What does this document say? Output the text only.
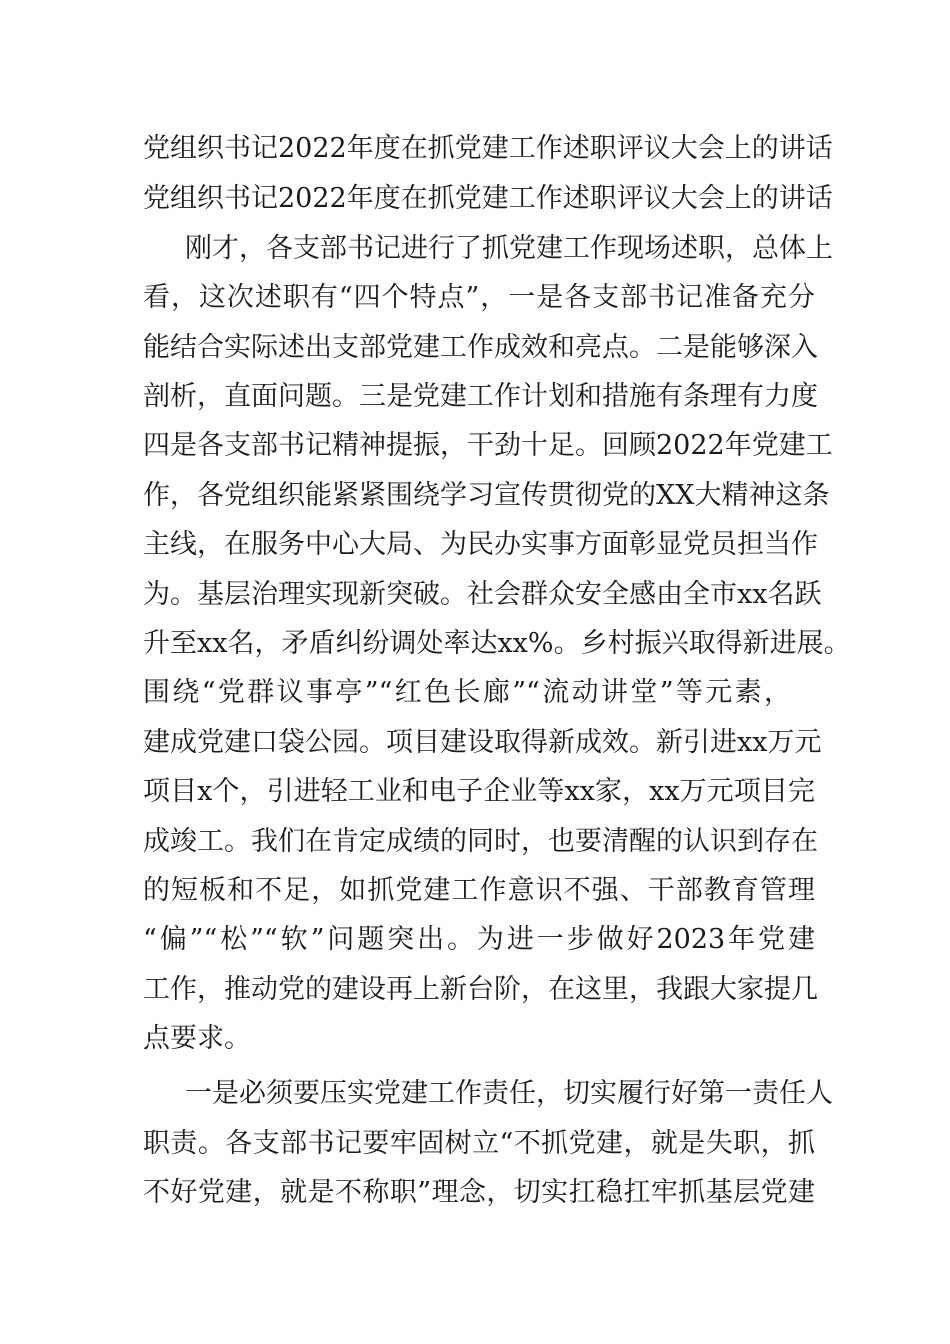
党组织书记2022年度在抓党建工作述职评议大会上的讲话
党组织书记2022年度在抓党建工作述职评议大会上的讲话
刚才，各支部书记进行了抓党建工作现场述职，总体上
看，这次述职有“四个特点”，一是各支部书记准备充分
能结合实际述出支部党建工作成效和亮点。二是能够深入
剖析，直面问题。三是党建工作计划和措施有条理有力度
四是各支部书记精神提振，干劲十足。回顾2022年党建工
作，各党组织能紧紧围绕学习宣传贯彻党的XX大精神这条
主线，在服务中心大局、为民办实事方面彰显党员担当作
为。基层治理实现新突破。社会群众安全感由全市xx名跃
升至xx名，矛盾纠纷调处率达xx%。乡村振兴取得新进展。
围绕“党群议事亭”“红色长廊”“流动讲堂”等元素，
建成党建口袋公园。项目建设取得新成效。新引进xx万元
项目x个，引进轻工业和电子企业等xx家，xx万元项目完
成竣工。我们在肯定成绩的同时，也要清醒的认识到存在
的短板和不足，如抓党建工作意识不强、干部教育管理
“偏”“松”“软”问题突出。为进一步做好2023年党建
工作，推动党的建设再上新台阶，在这里，我跟大家提几
点要求。
一是必须要压实党建工作责任，切实履行好第一责任人
职责。各支部书记要牢固树立“不抓党建，就是失职，抓
不好党建，就是不称职”理念，切实扛稳扛牢抓基层党建
